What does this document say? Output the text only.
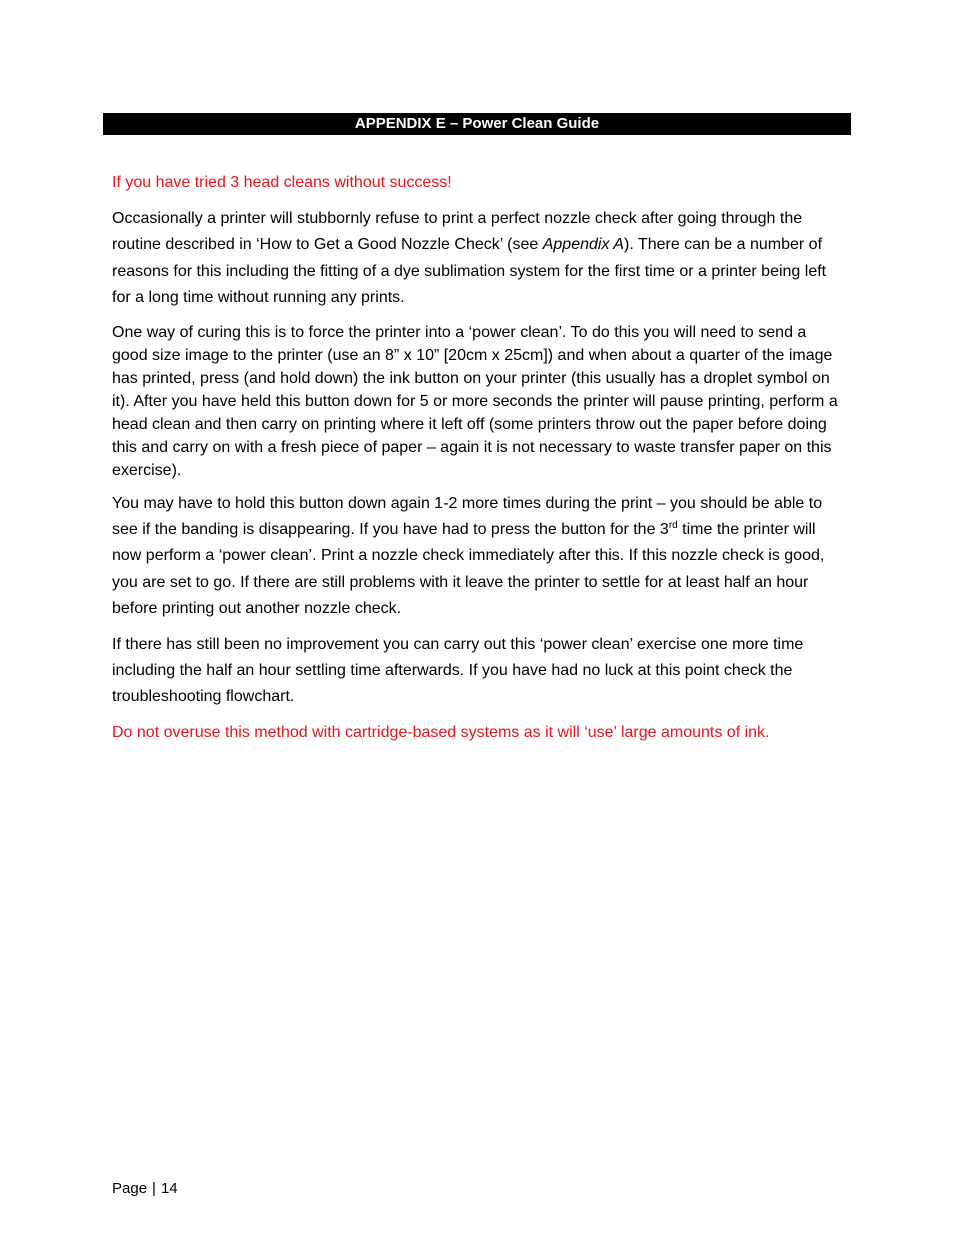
APPENDIX E – Power Clean Guide

If you have tried 3 head cleans without success!

Occasionally a printer will stubbornly refuse to print a perfect nozzle check after going through the routine described in ‘How to Get a Good Nozzle Check’ (see Appendix A). There can be a number of reasons for this including the fitting of a dye sublimation system for the first time or a printer being left for a long time without running any prints.

One way of curing this is to force the printer into a ‘power clean’. To do this you will need to send a good size image to the printer (use an 8” x 10” [20cm x 25cm]) and when about a quarter of the image has printed, press (and hold down) the ink button on your printer (this usually has a droplet symbol on it). After you have held this button down for 5 or more seconds the printer will pause printing, perform a head clean and then carry on printing where it left off (some printers throw out the paper before doing this and carry on with a fresh piece of paper – again it is not necessary to waste transfer paper on this exercise).

You may have to hold this button down again 1-2 more times during the print – you should be able to see if the banding is disappearing. If you have had to press the button for the 3rd time the printer will now perform a ‘power clean’. Print a nozzle check immediately after this. If this nozzle check is good, you are set to go. If there are still problems with it leave the printer to settle for at least half an hour before printing out another nozzle check.

If there has still been no improvement you can carry out this ‘power clean’ exercise one more time including the half an hour settling time afterwards. If you have had no luck at this point check the troubleshooting flowchart.

Do not overuse this method with cartridge-based systems as it will ‘use’ large amounts of ink.

Page | 14
